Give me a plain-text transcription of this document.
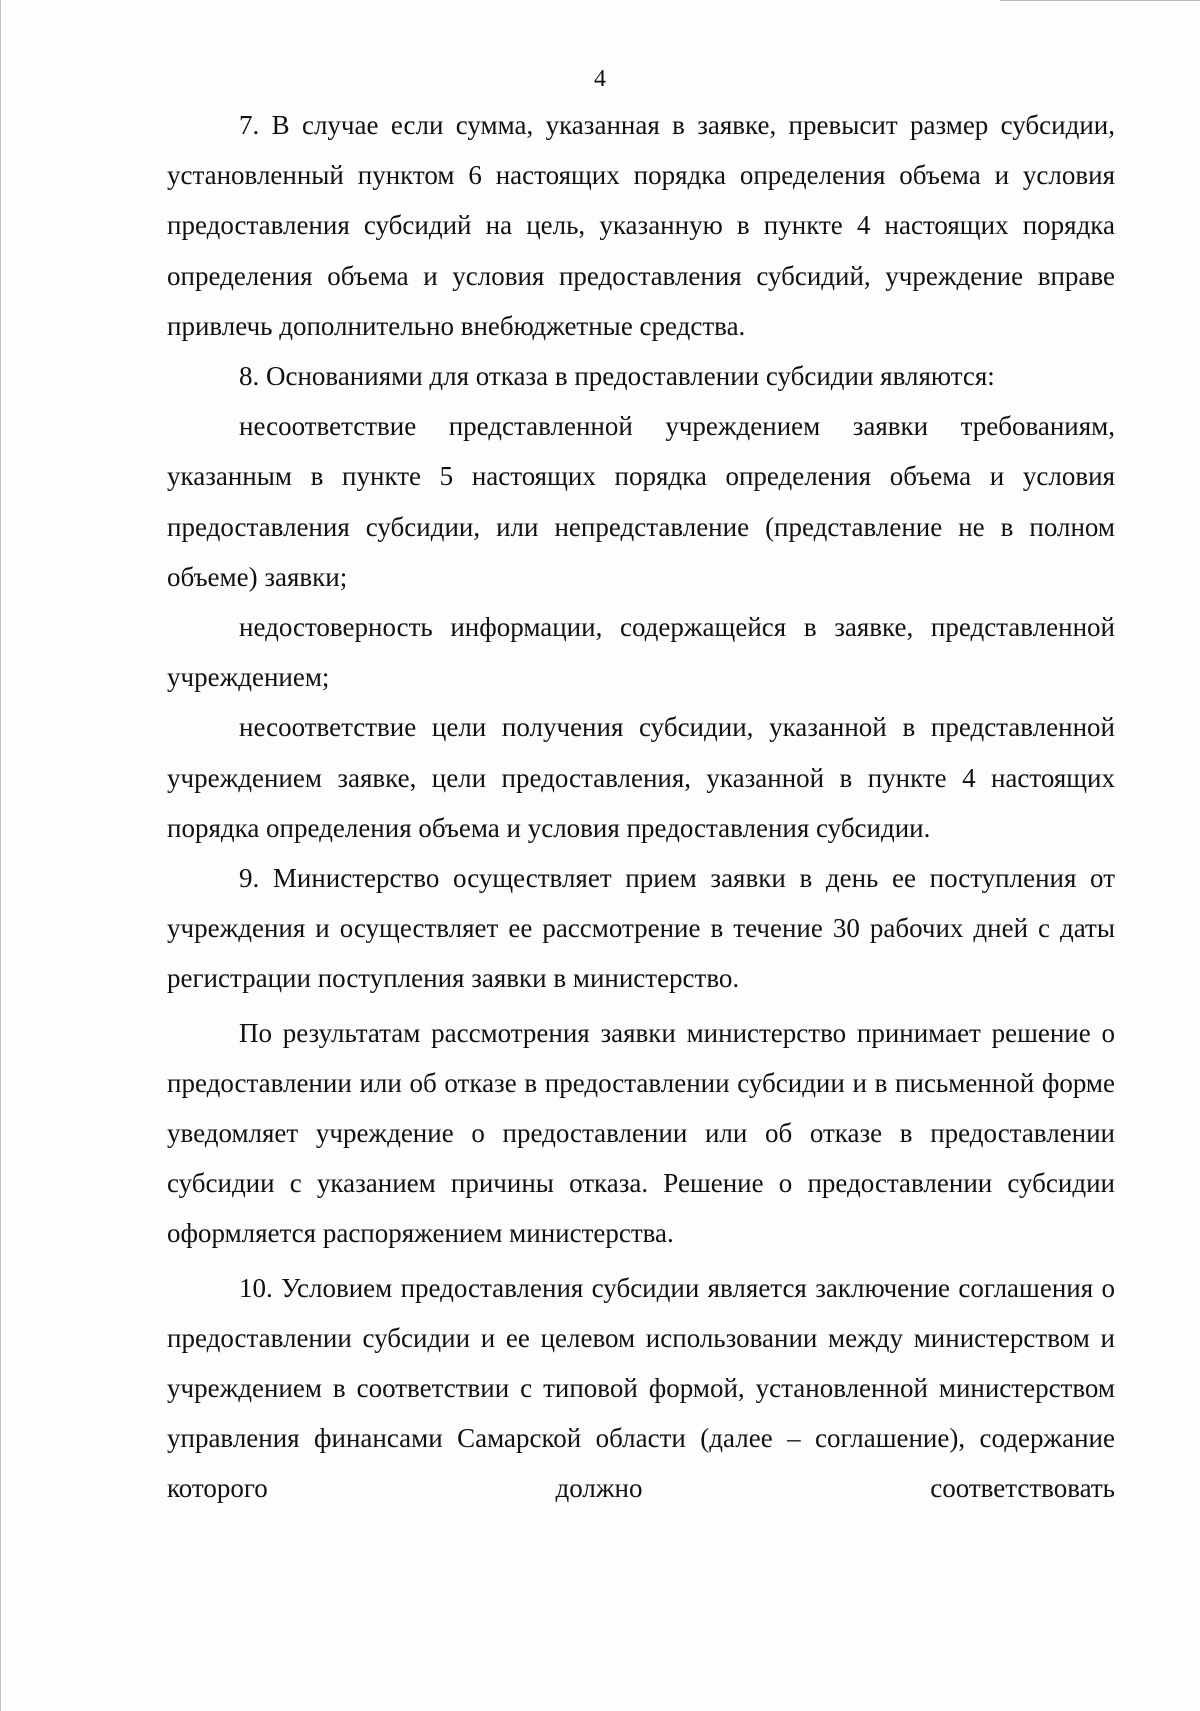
4

7. В случае если сумма, указанная в заявке, превысит размер субсидии, установленный пунктом 6 настоящих порядка определения объема и условия предоставления субсидий на цель, указанную в пункте 4 настоящих порядка определения объема и условия предоставления субсидий, учреждение вправе привлечь дополнительно внебюджетные средства.

8. Основаниями для отказа в предоставлении субсидии являются:

несоответствие представленной учреждением заявки требованиям, указанным в пункте 5 настоящих порядка определения объема и условия предоставления субсидии, или непредставление (представление не в полном объеме) заявки;

недостоверность информации, содержащейся в заявке, представленной учреждением;

несоответствие цели получения субсидии, указанной в представленной учреждением заявке, цели предоставления, указанной в пункте 4 настоящих порядка определения объема и условия предоставления субсидии.

9. Министерство осуществляет прием заявки в день ее поступления от учреждения и осуществляет ее рассмотрение в течение 30 рабочих дней с даты регистрации поступления заявки в министерство.

По результатам рассмотрения заявки министерство принимает решение о предоставлении или об отказе в предоставлении субсидии и в письменной форме уведомляет учреждение о предоставлении или об отказе в предоставлении субсидии с указанием причины отказа. Решение о предоставлении субсидии оформляется распоряжением министерства.

10. Условием предоставления субсидии является заключение соглашения о предоставлении субсидии и ее целевом использовании между министерством и учреждением в соответствии с типовой формой, установленной министерством управления финансами Самарской области (далее – соглашение), содержание которого должно соответствовать
